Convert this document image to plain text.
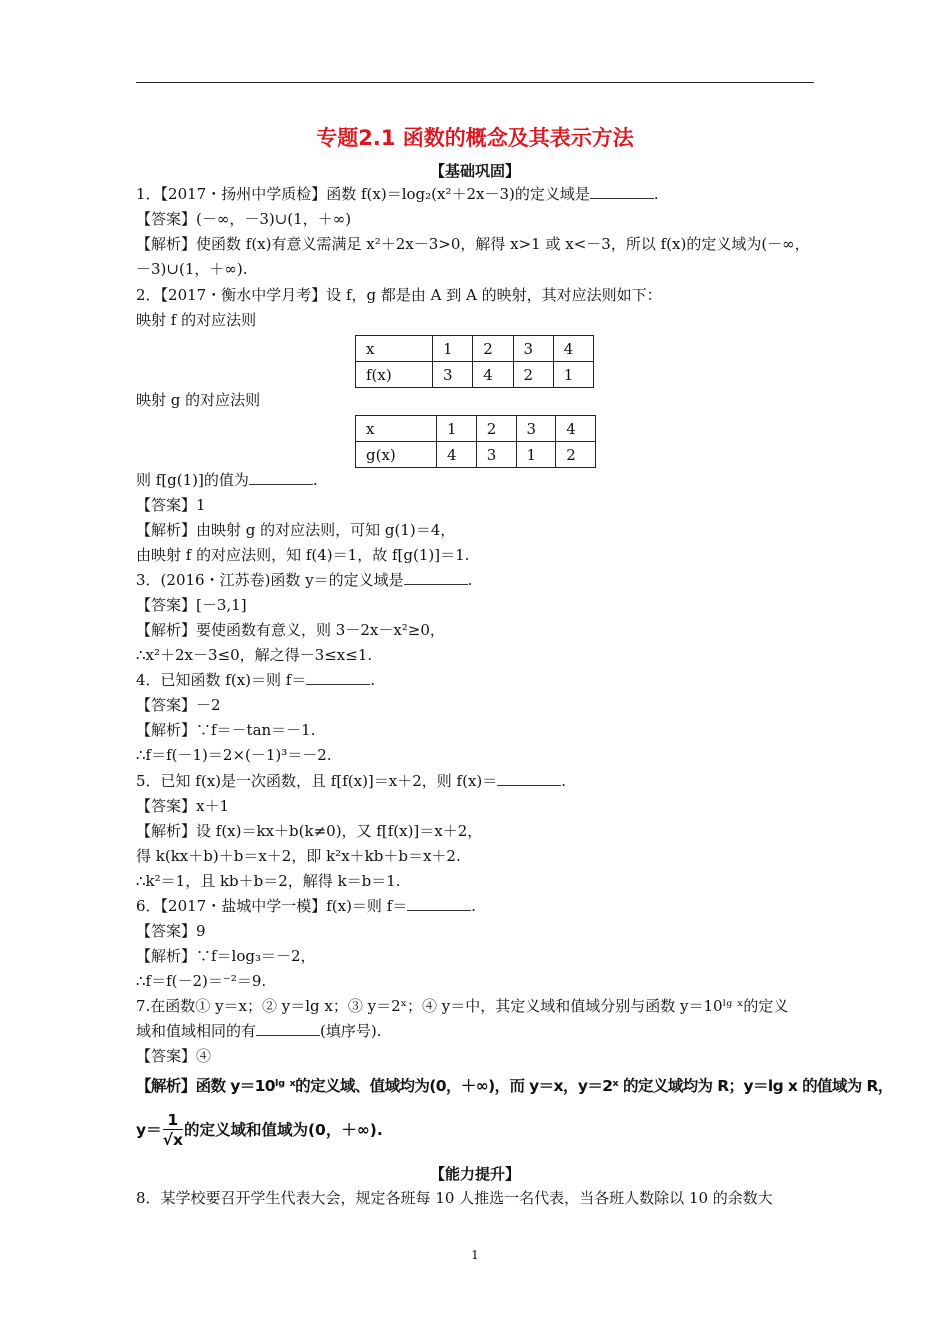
专题2.1 函数的概念及其表示方法
【基础巩固】
1．【2017・扬州中学质检】函数 f(x)＝log₂(x²＋2x－3)的定义域是	.
【答案】(－∞，－3)∪(1，＋∞)
【解析】使函数 f(x)有意义需满足 x²＋2x－3>0，解得 x>1 或 x<－3，所以 f(x)的定义域为(－∞，
－3)∪(1，＋∞).
2．【2017・衡水中学月考】设 f，g 都是由 A 到 A 的映射，其对应法则如下：
映射 f 的对应法则
x	1	2	3	4
f(x)	3	4	2	1
映射 g 的对应法则
x	1	2	3	4
g(x)	4	3	1	2
则 f[g(1)]的值为	.
【答案】1
【解析】由映射 g 的对应法则，可知 g(1)＝4，
由映射 f 的对应法则，知 f(4)＝1，故 f[g(1)]＝1.
3．(2016・江苏卷)函数 y＝的定义域是	.
【答案】[－3,1]
【解析】要使函数有意义，则 3－2x－x²≥0，
∴x²＋2x－3≤0，解之得－3≤x≤1.
4．已知函数 f(x)＝则 f＝	.
【答案】－2
【解析】∵f＝－tan＝－1.
∴f＝f(－1)＝2×(－1)³＝－2.
5．已知 f(x)是一次函数，且 f[f(x)]＝x＋2，则 f(x)＝	.
【答案】x＋1
【解析】设 f(x)＝kx＋b(k≠0)，又 f[f(x)]＝x＋2，
得 k(kx＋b)＋b＝x＋2，即 k²x＋kb＋b＝x＋2.
∴k²＝1，且 kb＋b＝2，解得 k＝b＝1.
6．【2017・盐城中学一模】f(x)＝则 f＝	.
【答案】9
【解析】∵f＝log₃＝－2，
∴f＝f(－2)＝⁻²＝9.
7.在函数① y＝x；② y＝lg x；③ y＝2ˣ；④ y＝中，其定义域和值域分别与函数 y＝10ˡᵍ ˣ的定义
域和值域相同的有	(填序号).
【答案】④
【解析】函数 y＝10ˡᵍ ˣ的定义域、值域均为(0，＋∞)，而 y＝x，y＝2ˣ 的定义域均为 R；y＝lg x 的值域为 R，
$y= \frac{1}{√x}$ 的定义域和值域为(0，＋∞).
【能力提升】
8．某学校要召开学生代表大会，规定各班每 10 人推选一名代表，当各班人数除以 10 的余数大
1
